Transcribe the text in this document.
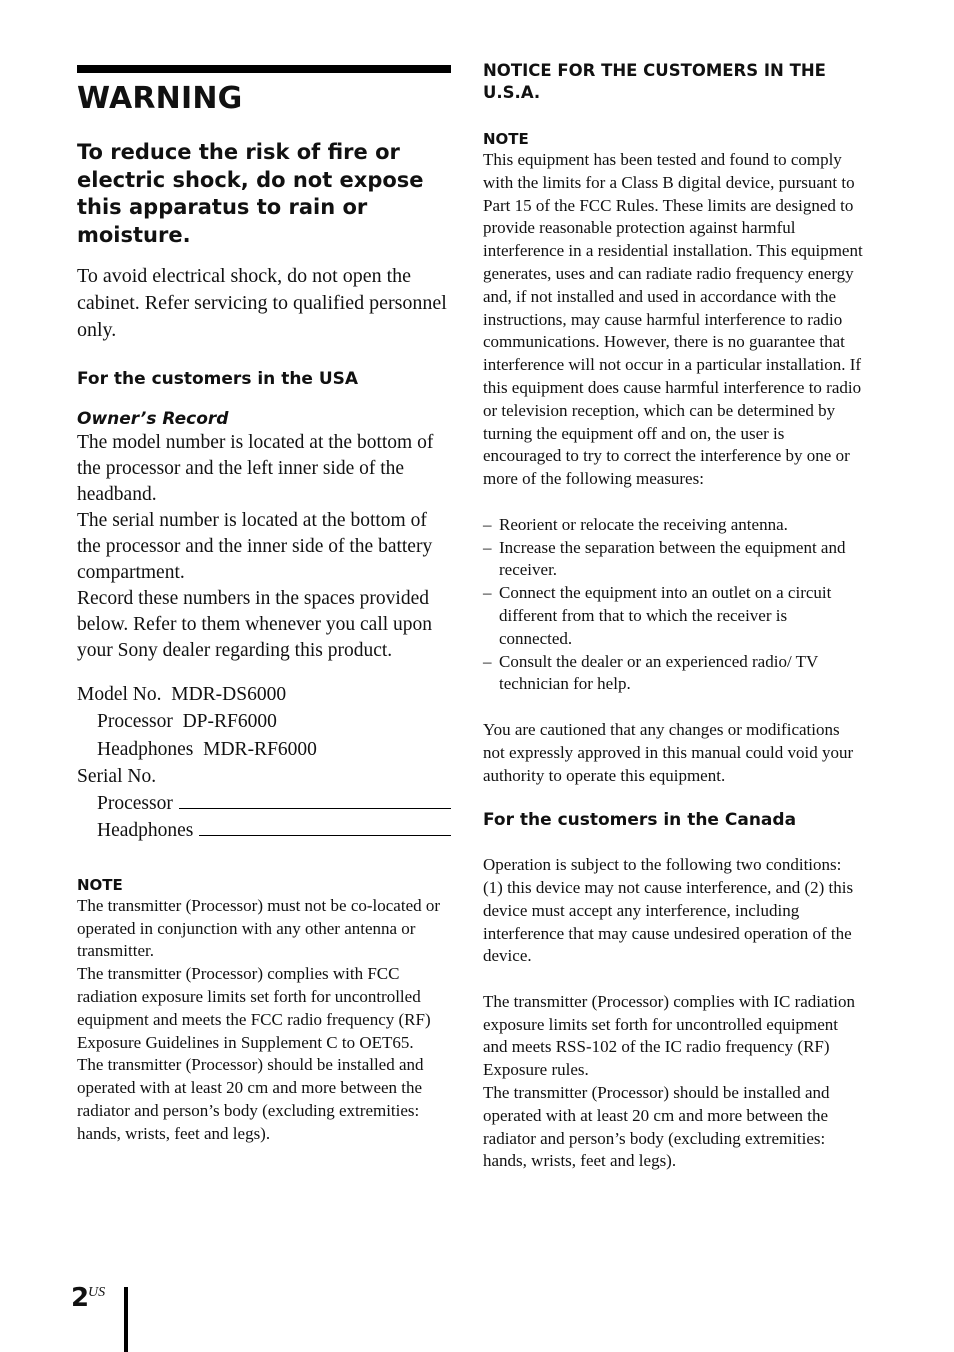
WARNING

To reduce the risk of fire or electric shock, do not expose this apparatus to rain or moisture.

To avoid electrical shock, do not open the cabinet. Refer servicing to qualified personnel only.

For the customers in the USA
Owner’s Record

The model number is located at the bottom of the processor and the left inner side of the headband.

The serial number is located at the bottom of the processor and the inner side of the battery compartment.

Record these numbers in the spaces provided below. Refer to them whenever you call upon your Sony dealer regarding this product.

Model No.  MDR-DS6000
Processor  DP-RF6000
Headphones  MDR-RF6000
Serial No.
Processor
Headphones
NOTE

The transmitter (Processor) must not be co-located or operated in conjunction with any other antenna or transmitter.

The transmitter (Processor) complies with FCC radiation exposure limits set forth for uncontrolled equipment and meets the FCC radio frequency (RF) Exposure Guidelines in Supplement C to OET65.

The transmitter (Processor) should be installed and operated with at least 20 cm and more between the radiator and person’s body (excluding extremities: hands, wrists, feet and legs).

NOTICE FOR THE CUSTOMERS IN THE U.S.A.
NOTE

This equipment has been tested and found to comply with the limits for a Class B digital device, pursuant to Part 15 of the FCC Rules. These limits are designed to provide reasonable protection against harmful interference in a residential installation. This equipment generates, uses and can radiate radio frequency energy and, if not installed and used in accordance with the instructions, may cause harmful interference to radio communications. However, there is no guarantee that interference will not occur in a particular installation. If this equipment does cause harmful interference to radio or television reception, which can be determined by turning the equipment off and on, the user is encouraged to try to correct the interference by one or more of the following measures:

– Reorient or relocate the receiving antenna.
– Increase the separation between the equipment and receiver.
– Connect the equipment into an outlet on a circuit different from that to which the receiver is connected.
– Consult the dealer or an experienced radio/ TV technician for help.

You are cautioned that any changes or modifications not expressly approved in this manual could void your authority to operate this equipment.

For the customers in the Canada

Operation is subject to the following two conditions: (1) this device may not cause interference, and (2) this device must accept any interference, including interference that may cause undesired operation of the device.

The transmitter (Processor) complies with IC radiation exposure limits set forth for uncontrolled equipment and meets RSS-102 of the IC radio frequency (RF) Exposure rules.

The transmitter (Processor) should be installed and operated with at least 20 cm and more between the radiator and person’s body (excluding extremities: hands, wrists, feet and legs).

2
US
